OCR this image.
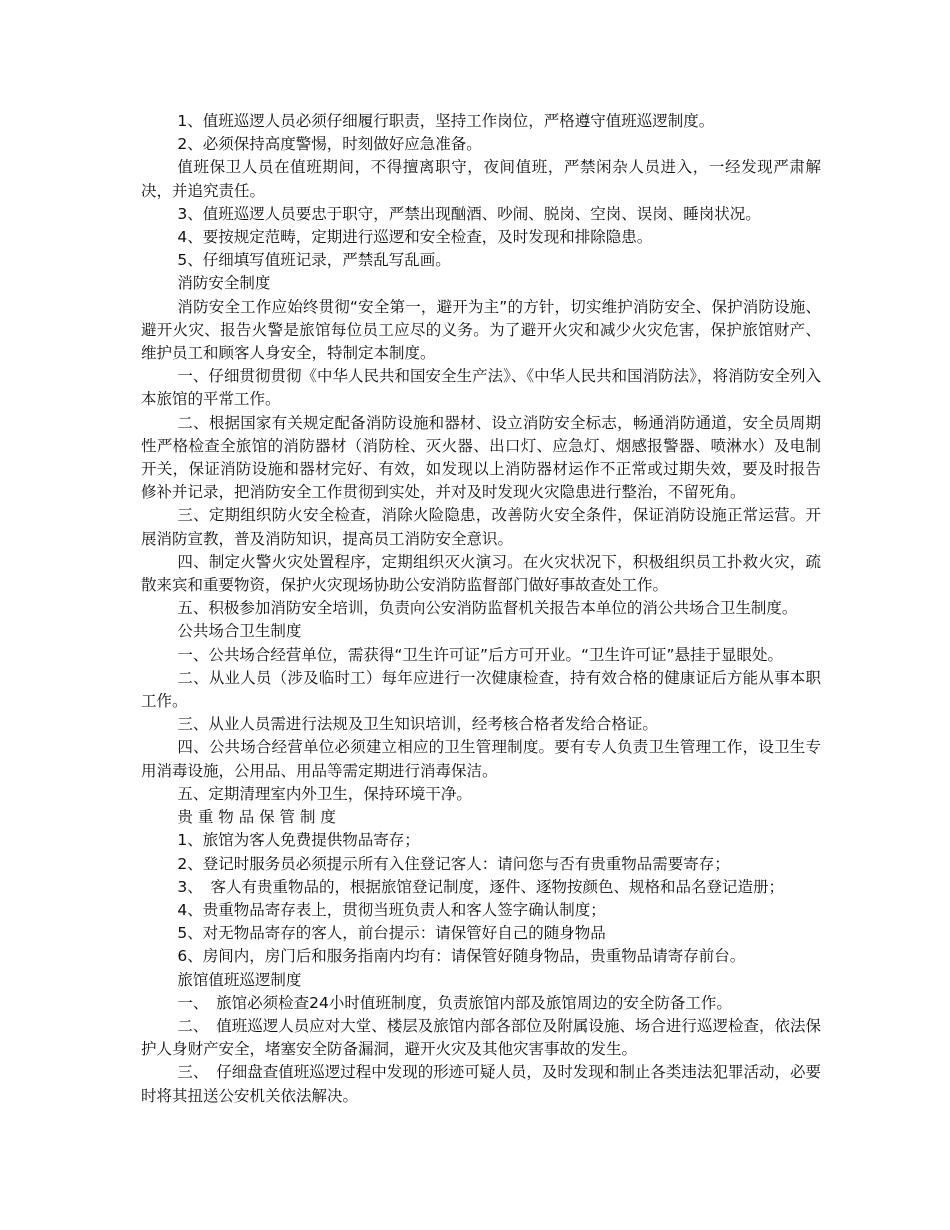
1、值班巡逻人员必须仔细履行职责，坚持工作岗位，严格遵守值班巡逻制度。

2、必须保持高度警惕，时刻做好应急准备。

值班保卫人员在值班期间，不得擅离职守，夜间值班，严禁闲杂人员进入，一经发现严肃解决，并追究责任。

3、值班巡逻人员要忠于职守，严禁出现酗酒、吵闹、脱岗、空岗、误岗、睡岗状况。

4、要按规定范畴，定期进行巡逻和安全检查，及时发现和排除隐患。

5、仔细填写值班记录，严禁乱写乱画。

消防安全制度

消防安全工作应始终贯彻“安全第一，避开为主”的方针，切实维护消防安全、保护消防设施、避开火灾、报告火警是旅馆每位员工应尽的义务。为了避开火灾和减少火灾危害，保护旅馆财产、维护员工和顾客人身安全，特制定本制度。

一、仔细贯彻贯彻《中华人民共和国安全生产法》、《中华人民共和国消防法》，将消防安全列入本旅馆的平常工作。

二、根据国家有关规定配备消防设施和器材、设立消防安全标志，畅通消防通道，安全员周期性严格检查全旅馆的消防器材（消防栓、灭火器、出口灯、应急灯、烟感报警器、喷淋水）及电制开关，保证消防设施和器材完好、有效，如发现以上消防器材运作不正常或过期失效，要及时报告修补并记录，把消防安全工作贯彻到实处，并对及时发现火灾隐患进行整治，不留死角。

三、定期组织防火安全检查，消除火险隐患，改善防火安全条件，保证消防设施正常运营。开展消防宣教，普及消防知识，提高员工消防安全意识。

四、制定火警火灾处置程序，定期组织灭火演习。在火灾状况下，积极组织员工扑救火灾，疏散来宾和重要物资，保护火灾现场协助公安消防监督部门做好事故查处工作。

五、积极参加消防安全培训，负责向公安消防监督机关报告本单位的消公共场合卫生制度。

公共场合卫生制度

一、公共场合经营单位，需获得“卫生许可证”后方可开业。“卫生许可证”悬挂于显眼处。

二、从业人员（涉及临时工）每年应进行一次健康检查，持有效合格的健康证后方能从事本职工作。

三、从业人员需进行法规及卫生知识培训，经考核合格者发给合格证。

四、公共场合经营单位必须建立相应的卫生管理制度。要有专人负责卫生管理工作，设卫生专用消毒设施，公用品、用品等需定期进行消毒保洁。

五、定期清理室内外卫生，保持环境干净。

贵 重 物 品 保 管 制 度

1、旅馆为客人免费提供物品寄存；

2、登记时服务员必须提示所有入住登记客人：请问您与否有贵重物品需要寄存；

3、　客人有贵重物品的，根据旅馆登记制度，逐件、逐物按颜色、规格和品名登记造册；

4、贵重物品寄存表上，贯彻当班负责人和客人签字确认制度；

5、对无物品寄存的客人，前台提示：请保管好自己的随身物品

6、房间内，房门后和服务指南内均有：请保管好随身物品，贵重物品请寄存前台。

旅馆值班巡逻制度

一、　旅馆必须检查24小时值班制度，负责旅馆内部及旅馆周边的安全防备工作。

二、　值班巡逻人员应对大堂、楼层及旅馆内部各部位及附属设施、场合进行巡逻检查，依法保护人身财产安全，堵塞安全防备漏洞，避开火灾及其他灾害事故的发生。

三、　仔细盘查值班巡逻过程中发现的形迹可疑人员，及时发现和制止各类违法犯罪活动，必要时将其扭送公安机关依法解决。
